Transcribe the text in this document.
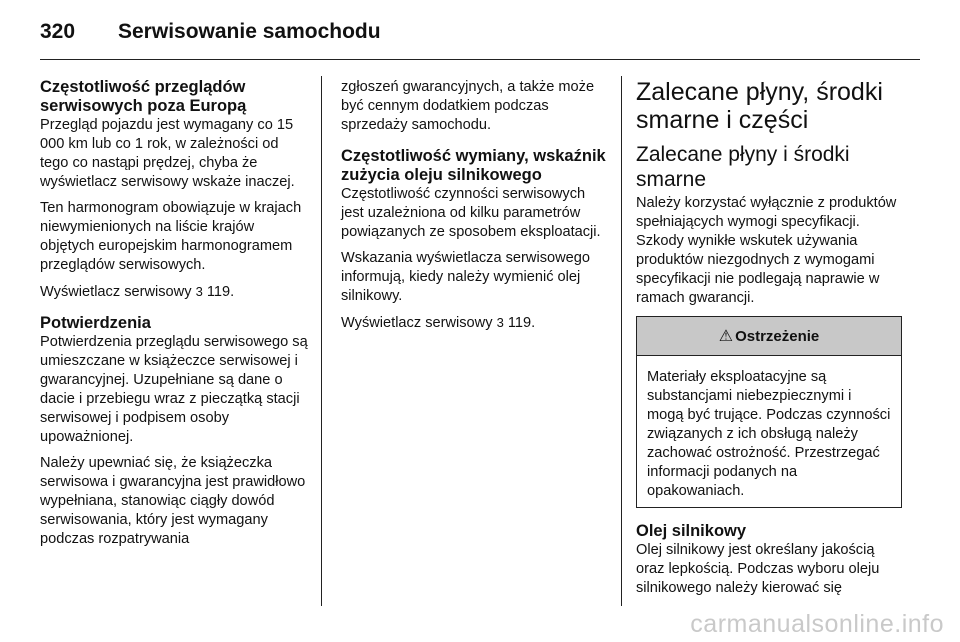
320 Serwisowanie samochodu
Częstotliwość przeglądów serwisowych poza Europą

Przegląd pojazdu jest wymagany co 15 000 km lub co 1 rok, w zależności od tego co nastąpi prędzej, chyba że wyświetlacz serwisowy wskaże inaczej.

Ten harmonogram obowiązuje w krajach niewymienionych na liście krajów objętych europejskim harmonogramem przeglądów serwisowych.

Wyświetlacz serwisowy 3 119.

Potwierdzenia

Potwierdzenia przeglądu serwisowego są umieszczane w książeczce serwisowej i gwarancyjnej. Uzupełniane są dane o dacie i przebiegu wraz z pieczątką stacji serwisowej i podpisem osoby upoważnionej.

Należy upewniać się, że książeczka serwisowa i gwarancyjna jest prawidłowo wypełniana, stanowiąc ciągły dowód serwisowania, który jest wymagany podczas rozpatrywania

zgłoszeń gwarancyjnych, a także może być cennym dodatkiem podczas sprzedaży samochodu.

Częstotliwość wymiany, wskaźnik zużycia oleju silnikowego

Częstotliwość czynności serwisowych jest uzależniona od kilku parametrów powiązanych ze sposobem eksploatacji.

Wskazania wyświetlacza serwisowego informują, kiedy należy wymienić olej silnikowy.

Wyświetlacz serwisowy 3 119.

Zalecane płyny, środki smarne i części
Zalecane płyny i środki smarne

Należy korzystać wyłącznie z produktów spełniających wymogi specyfikacji. Szkody wynikłe wskutek używania produktów niezgodnych z wymogami specyfikacji nie podlegają naprawie w ramach gwarancji.

⚠ Ostrzeżenie

Materiały eksploatacyjne są substancjami niebezpiecznymi i mogą być trujące. Podczas czynności związanych z ich obsługą należy zachować ostrożność. Przestrzegać informacji podanych na opakowaniach.

Olej silnikowy

Olej silnikowy jest określany jakością oraz lepkością. Podczas wyboru oleju silnikowego należy kierować się

carmanualsonline.info
